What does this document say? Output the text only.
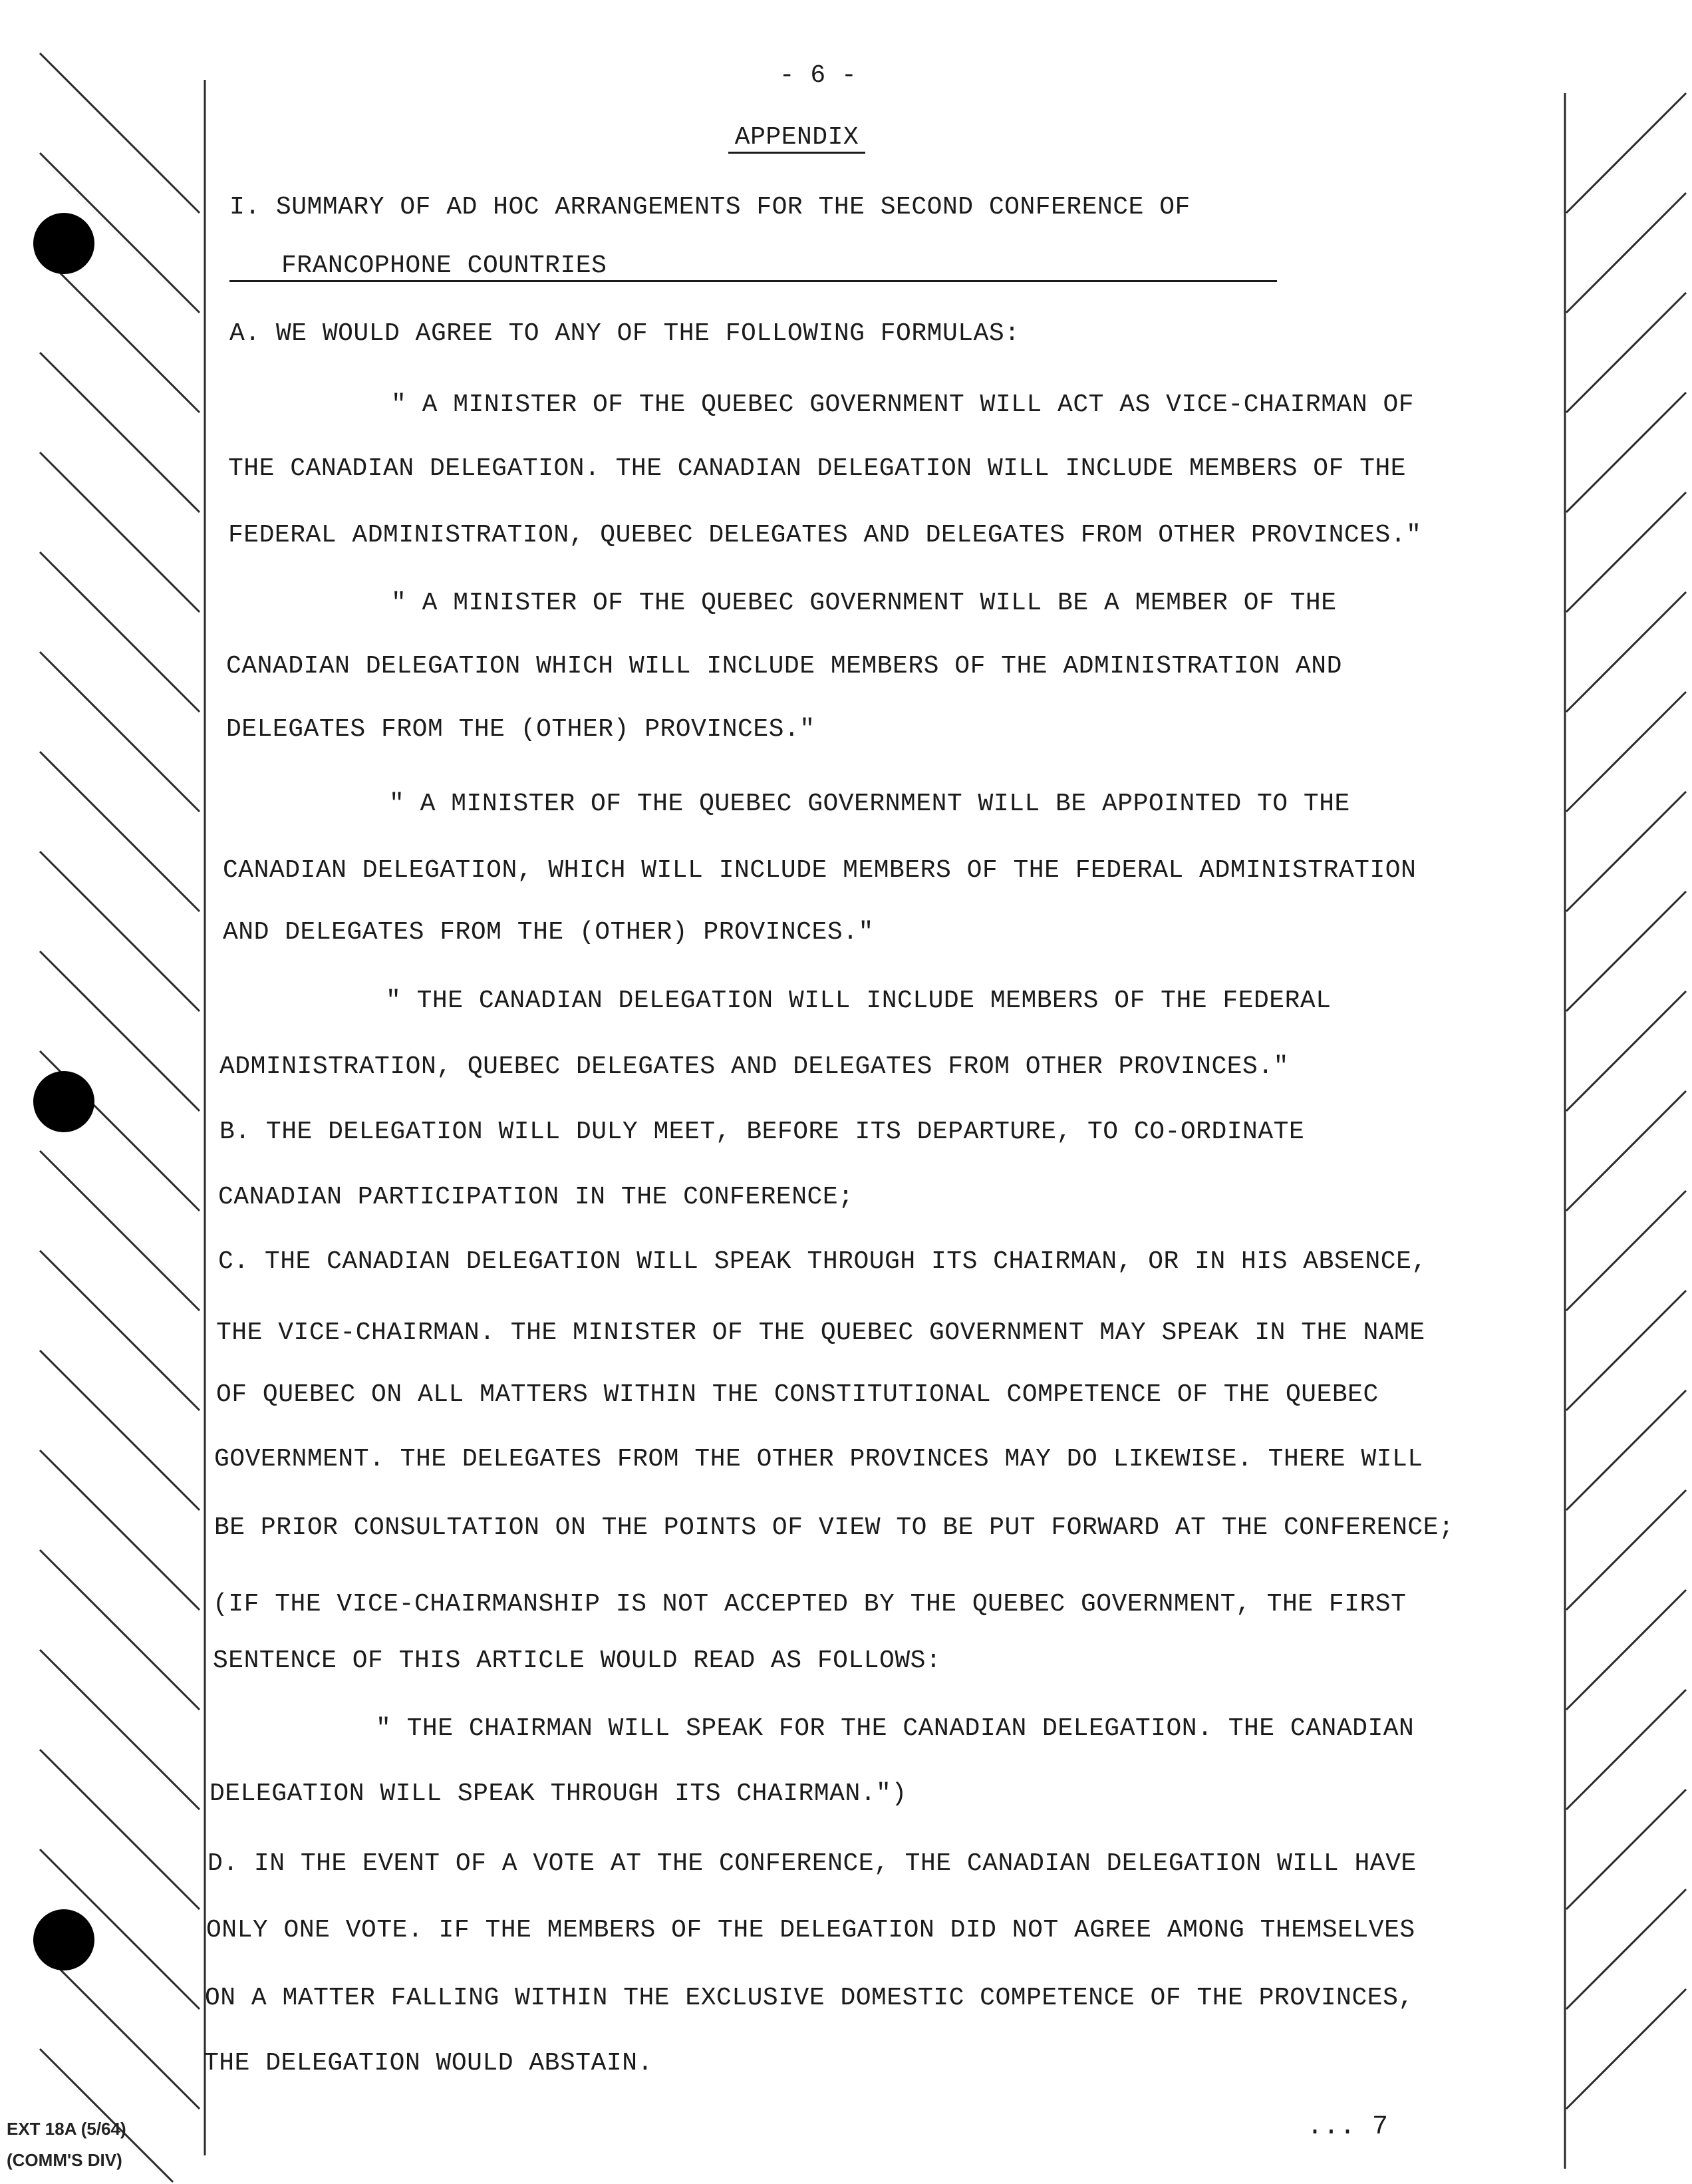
- 6 -
APPENDIX
I. SUMMARY OF AD HOC ARRANGEMENTS FOR THE SECOND CONFERENCE OF
FRANCOPHONE COUNTRIES
A. WE WOULD AGREE TO ANY OF THE FOLLOWING FORMULAS:
" A MINISTER OF THE QUEBEC GOVERNMENT WILL ACT AS VICE-CHAIRMAN OF
THE CANADIAN DELEGATION. THE CANADIAN DELEGATION WILL INCLUDE MEMBERS OF THE
FEDERAL ADMINISTRATION, QUEBEC DELEGATES AND DELEGATES FROM OTHER PROVINCES."
" A MINISTER OF THE QUEBEC GOVERNMENT WILL BE A MEMBER OF THE
CANADIAN DELEGATION WHICH WILL INCLUDE MEMBERS OF THE ADMINISTRATION AND
DELEGATES FROM THE (OTHER) PROVINCES."
" A MINISTER OF THE QUEBEC GOVERNMENT WILL BE APPOINTED TO THE
CANADIAN DELEGATION, WHICH WILL INCLUDE MEMBERS OF THE FEDERAL ADMINISTRATION
AND DELEGATES FROM THE (OTHER) PROVINCES."
" THE CANADIAN DELEGATION WILL INCLUDE MEMBERS OF THE FEDERAL
ADMINISTRATION, QUEBEC DELEGATES AND DELEGATES FROM OTHER PROVINCES."
B. THE DELEGATION WILL DULY MEET, BEFORE ITS DEPARTURE, TO CO-ORDINATE
CANADIAN PARTICIPATION IN THE CONFERENCE;
C. THE CANADIAN DELEGATION WILL SPEAK THROUGH ITS CHAIRMAN, OR IN HIS ABSENCE,
THE VICE-CHAIRMAN. THE MINISTER OF THE QUEBEC GOVERNMENT MAY SPEAK IN THE NAME
OF QUEBEC ON ALL MATTERS WITHIN THE CONSTITUTIONAL COMPETENCE OF THE QUEBEC
GOVERNMENT. THE DELEGATES FROM THE OTHER PROVINCES MAY DO LIKEWISE. THERE WILL
BE PRIOR CONSULTATION ON THE POINTS OF VIEW TO BE PUT FORWARD AT THE CONFERENCE;
(IF THE VICE-CHAIRMANSHIP IS NOT ACCEPTED BY THE QUEBEC GOVERNMENT, THE FIRST
SENTENCE OF THIS ARTICLE WOULD READ AS FOLLOWS:
" THE CHAIRMAN WILL SPEAK FOR THE CANADIAN DELEGATION. THE CANADIAN
DELEGATION WILL SPEAK THROUGH ITS CHAIRMAN.")
D. IN THE EVENT OF A VOTE AT THE CONFERENCE, THE CANADIAN DELEGATION WILL HAVE
ONLY ONE VOTE. IF THE MEMBERS OF THE DELEGATION DID NOT AGREE AMONG THEMSELVES
ON A MATTER FALLING WITHIN THE EXCLUSIVE DOMESTIC COMPETENCE OF THE PROVINCES,
THE DELEGATION WOULD ABSTAIN.
... 7
EXT 18A (5/64)
(COMM'S DIV)
